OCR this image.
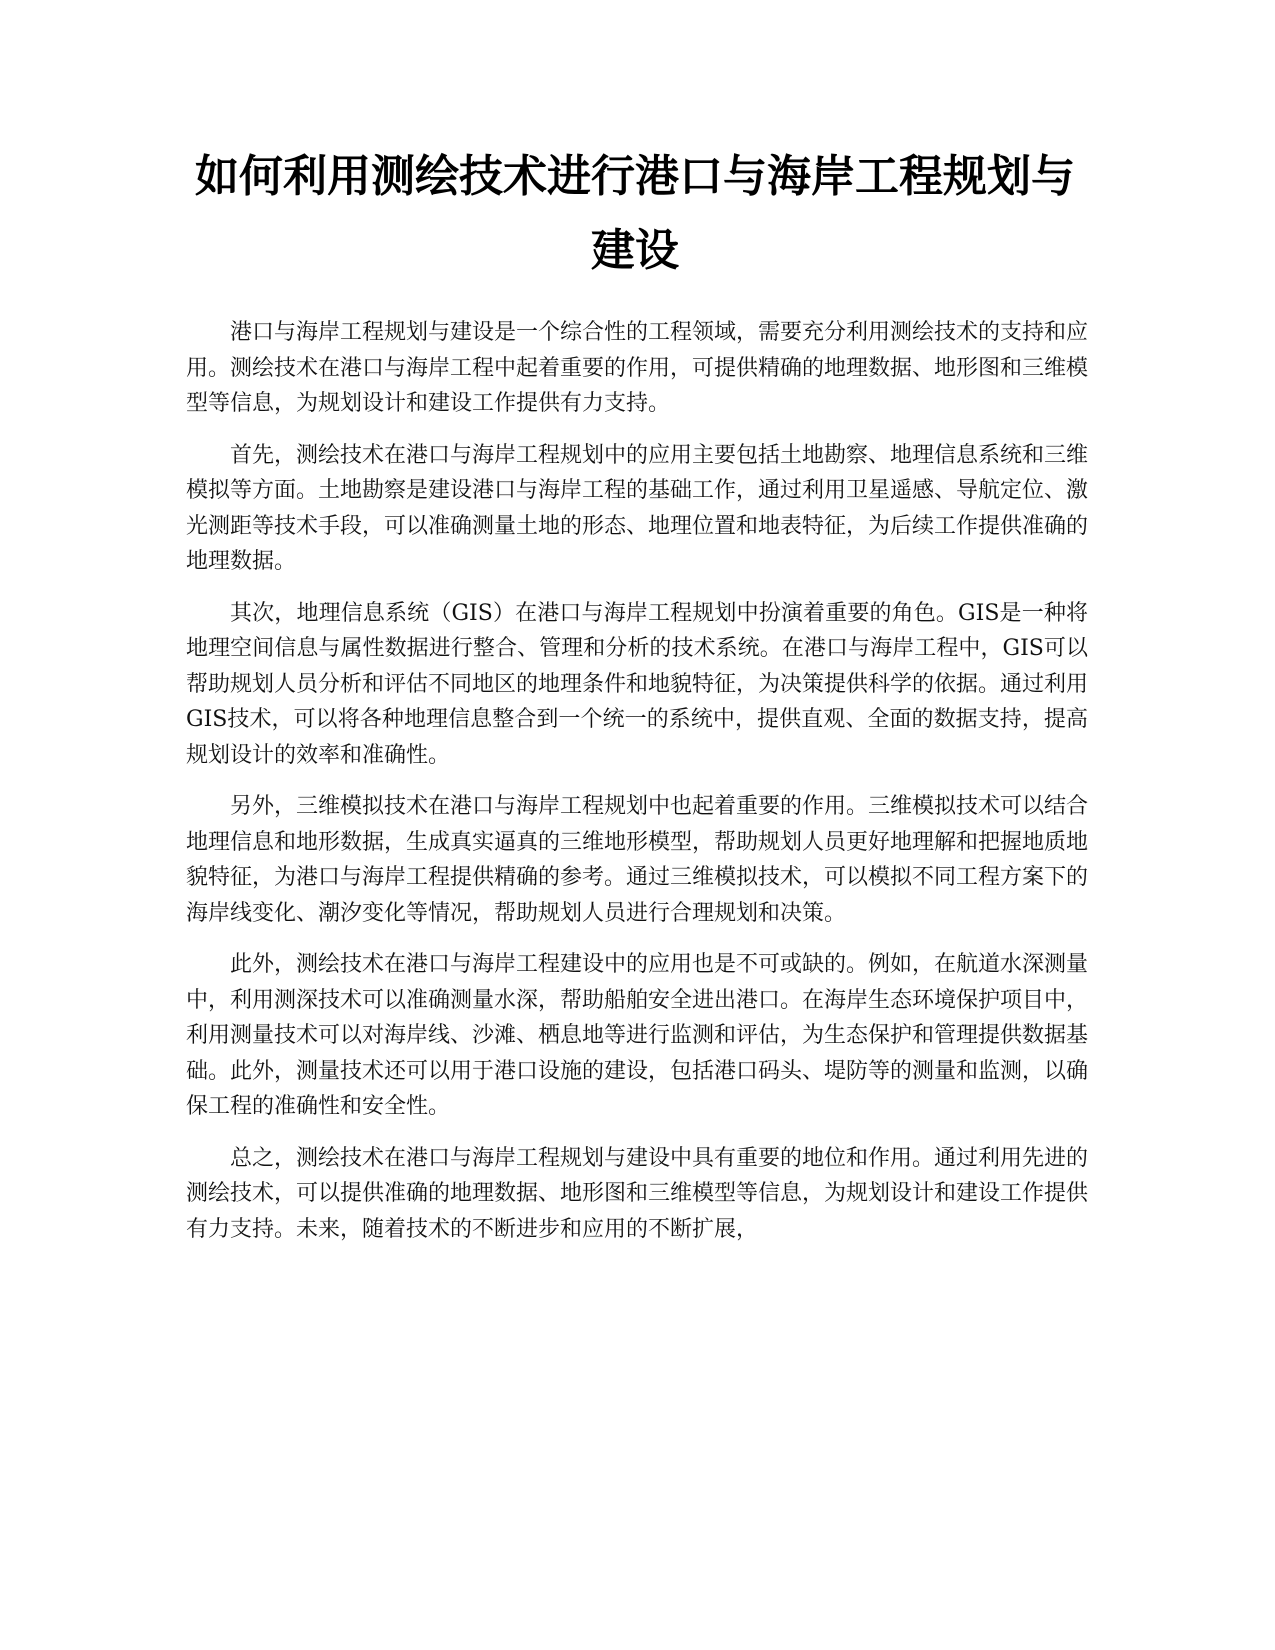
如何利用测绘技术进行港口与海岸工程规划与建设

港口与海岸工程规划与建设是一个综合性的工程领域，需要充分利用测绘技术的支持和应用。测绘技术在港口与海岸工程中起着重要的作用，可提供精确的地理数据、地形图和三维模型等信息，为规划设计和建设工作提供有力支持。

首先，测绘技术在港口与海岸工程规划中的应用主要包括土地勘察、地理信息系统和三维模拟等方面。土地勘察是建设港口与海岸工程的基础工作，通过利用卫星遥感、导航定位、激光测距等技术手段，可以准确测量土地的形态、地理位置和地表特征，为后续工作提供准确的地理数据。

其次，地理信息系统（GIS）在港口与海岸工程规划中扮演着重要的角色。GIS是一种将地理空间信息与属性数据进行整合、管理和分析的技术系统。在港口与海岸工程中，GIS可以帮助规划人员分析和评估不同地区的地理条件和地貌特征，为决策提供科学的依据。通过利用GIS技术，可以将各种地理信息整合到一个统一的系统中，提供直观、全面的数据支持，提高规划设计的效率和准确性。

另外，三维模拟技术在港口与海岸工程规划中也起着重要的作用。三维模拟技术可以结合地理信息和地形数据，生成真实逼真的三维地形模型，帮助规划人员更好地理解和把握地质地貌特征，为港口与海岸工程提供精确的参考。通过三维模拟技术，可以模拟不同工程方案下的海岸线变化、潮汐变化等情况，帮助规划人员进行合理规划和决策。

此外，测绘技术在港口与海岸工程建设中的应用也是不可或缺的。例如，在航道水深测量中，利用测深技术可以准确测量水深，帮助船舶安全进出港口。在海岸生态环境保护项目中，利用测量技术可以对海岸线、沙滩、栖息地等进行监测和评估，为生态保护和管理提供数据基础。此外，测量技术还可以用于港口设施的建设，包括港口码头、堤防等的测量和监测，以确保工程的准确性和安全性。

总之，测绘技术在港口与海岸工程规划与建设中具有重要的地位和作用。通过利用先进的测绘技术，可以提供准确的地理数据、地形图和三维模型等信息，为规划设计和建设工作提供有力支持。未来，随着技术的不断进步和应用的不断扩展，
